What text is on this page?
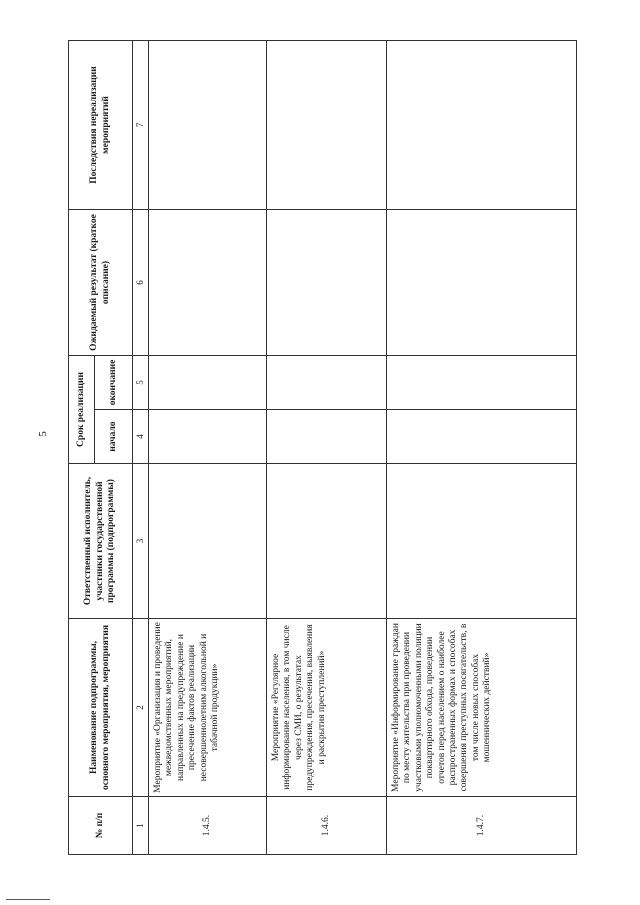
5
№ п/п	Наименование подпрограммы, основного мероприятия, мероприятия	Ответственный исполнитель, участники государственной программы (подпрограммы)	Срок реализации		Ожидаемый результат (краткое описание)	Последствия нереализации мероприятий
			начало	окончание		
1	2	3	4	5	6	7
1.4.5.	Мероприятие «Организация и проведение межведомственных мероприятий, направленных на предупреждение и пресечение фактов реализации несовершеннолетним алкогольной и табачной продукции»					
1.4.6.	Мероприятие «Регулярное информирование населения, в том числе через СМИ, о результатах предупреждения, пресечения, выявления и раскрытия преступлений»					
1.4.7.	Мероприятие «Информирование граждан по месту жительства при проведении участковыми уполномоченными полиции поквартирного обхода, проведении отчетов перед населением о наиболее распространенных формах и способах совершения преступных посягательств, в том числе новых способах мошеннических действий»					
